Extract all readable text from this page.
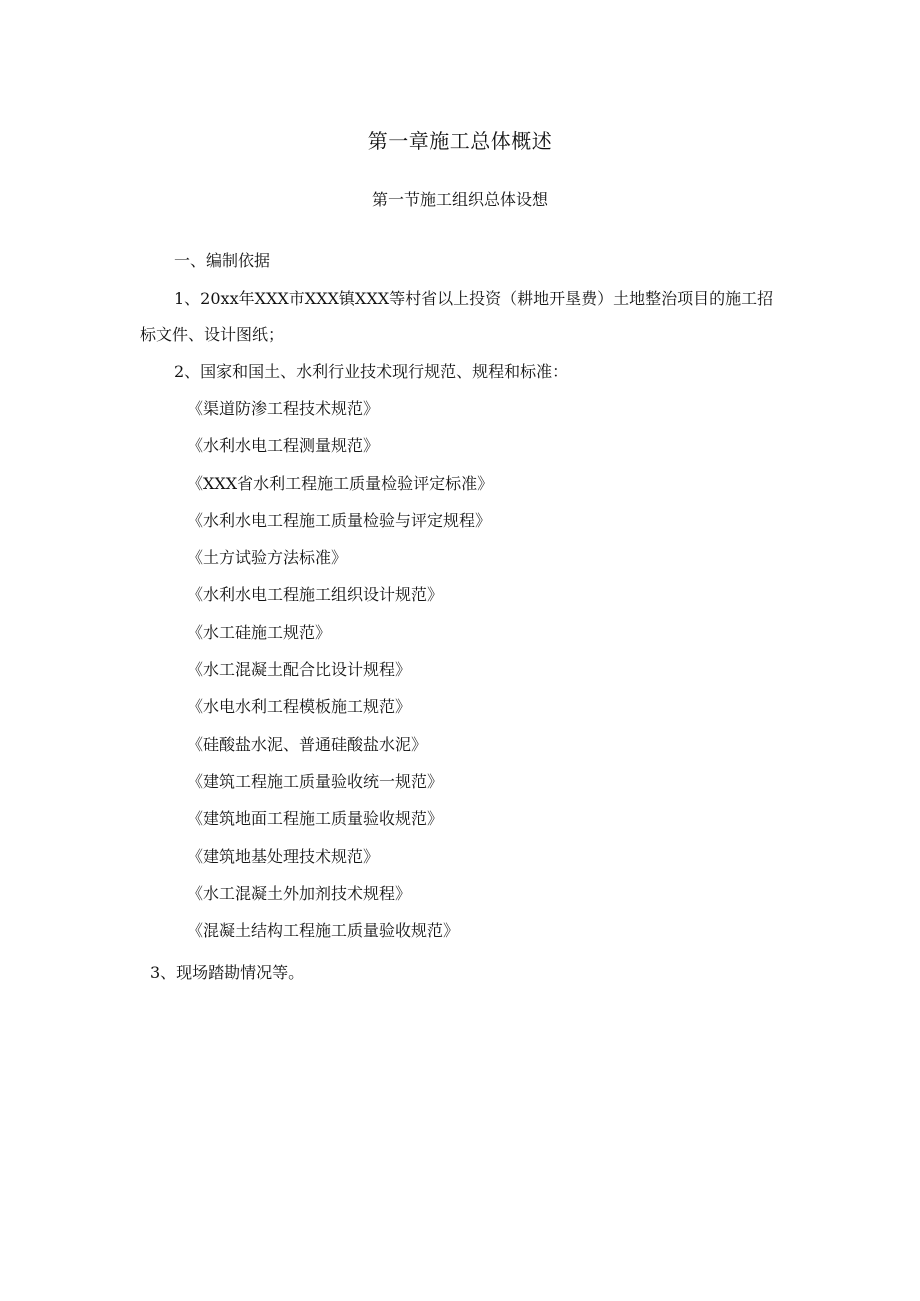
第一章施工总体概述
第一节施工组织总体设想
一、编制依据

1、20xx年XXX市XXX镇XXX等村省以上投资（耕地开垦费）土地整治项目的施工招标文件、设计图纸；

2、国家和国土、水利行业技术现行规范、规程和标准：
《渠道防渗工程技术规范》
《水利水电工程测量规范》
《XXX省水利工程施工质量检验评定标准》
《水利水电工程施工质量检验与评定规程》
《土方试验方法标准》
《水利水电工程施工组织设计规范》
《水工硅施工规范》
《水工混凝土配合比设计规程》
《水电水利工程模板施工规范》
《硅酸盐水泥、普通硅酸盐水泥》
《建筑工程施工质量验收统一规范》
《建筑地面工程施工质量验收规范》
《建筑地基处理技术规范》
《水工混凝土外加剂技术规程》
《混凝土结构工程施工质量验收规范》
3、现场踏勘情况等。
